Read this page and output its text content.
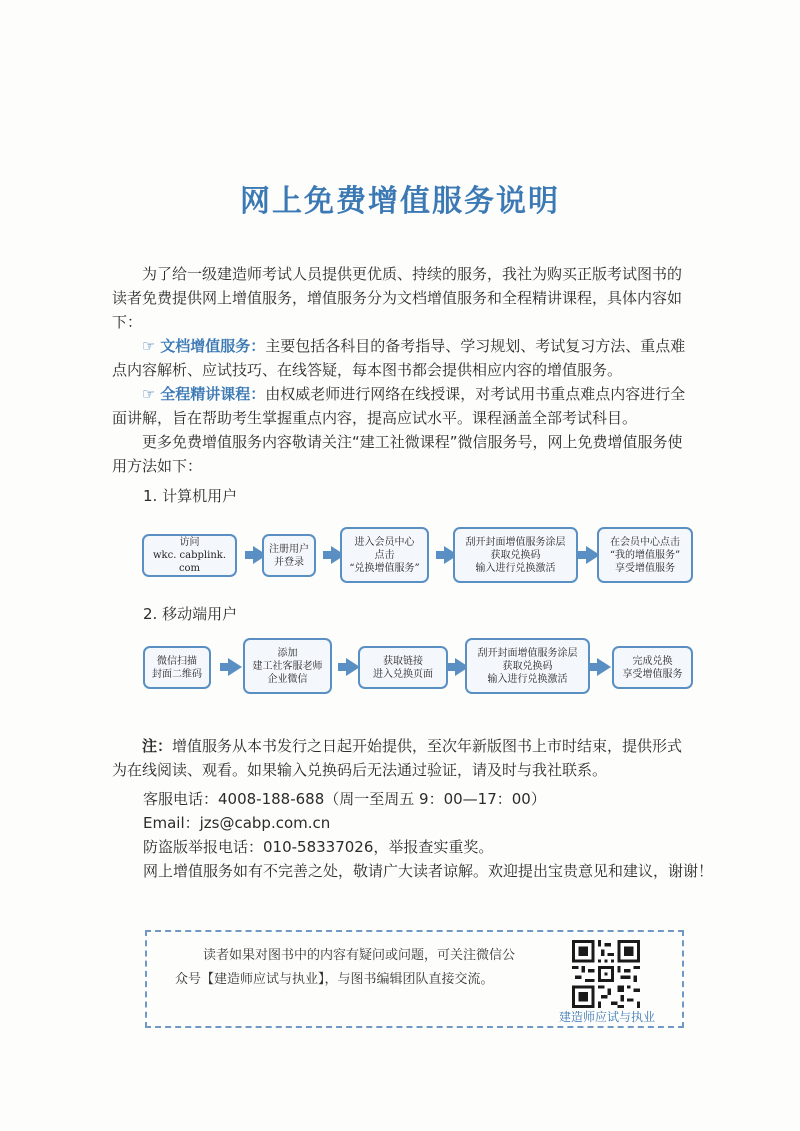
网上免费增值服务说明

为了给一级建造师考试人员提供更优质、持续的服务，我社为购买正版考试图书的读者免费提供网上增值服务，增值服务分为文档增值服务和全程精讲课程，具体内容如下：

☞ 文档增值服务：主要包括各科目的备考指导、学习规划、考试复习方法、重点难点内容解析、应试技巧、在线答疑，每本图书都会提供相应内容的增值服务。

☞ 全程精讲课程：由权威老师进行网络在线授课，对考试用书重点难点内容进行全面讲解，旨在帮助考生掌握重点内容，提高应试水平。课程涵盖全部考试科目。

更多免费增值服务内容敬请关注“建工社微课程”微信服务号，网上免费增值服务使用方法如下：

1. 计算机用户

访问
wkc. cabplink. com
注册用户
并登录
进入会员中心
点击
“兑换增值服务”
刮开封面增值服务涂层
获取兑换码
输入进行兑换激活
在会员中心点击
“我的增值服务”
享受增值服务

2. 移动端用户

微信扫描
封面二维码
添加
建工社客服老师
企业微信
获取链接
进入兑换页面
刮开封面增值服务涂层
获取兑换码
输入进行兑换激活
完成兑换
享受增值服务

注：增值服务从本书发行之日起开始提供，至次年新版图书上市时结束，提供形式为在线阅读、观看。如果输入兑换码后无法通过验证，请及时与我社联系。

客服电话：4008-188-688（周一至周五 9：00—17：00）

Email：jzs@cabp.com.cn

防盗版举报电话：010-58337026，举报查实重奖。

网上增值服务如有不完善之处，敬请广大读者谅解。欢迎提出宝贵意见和建议，谢谢！

读者如果对图书中的内容有疑问或问题，可关注微信公众号【建造师应试与执业】，与图书编辑团队直接交流。

建造师应试与执业
